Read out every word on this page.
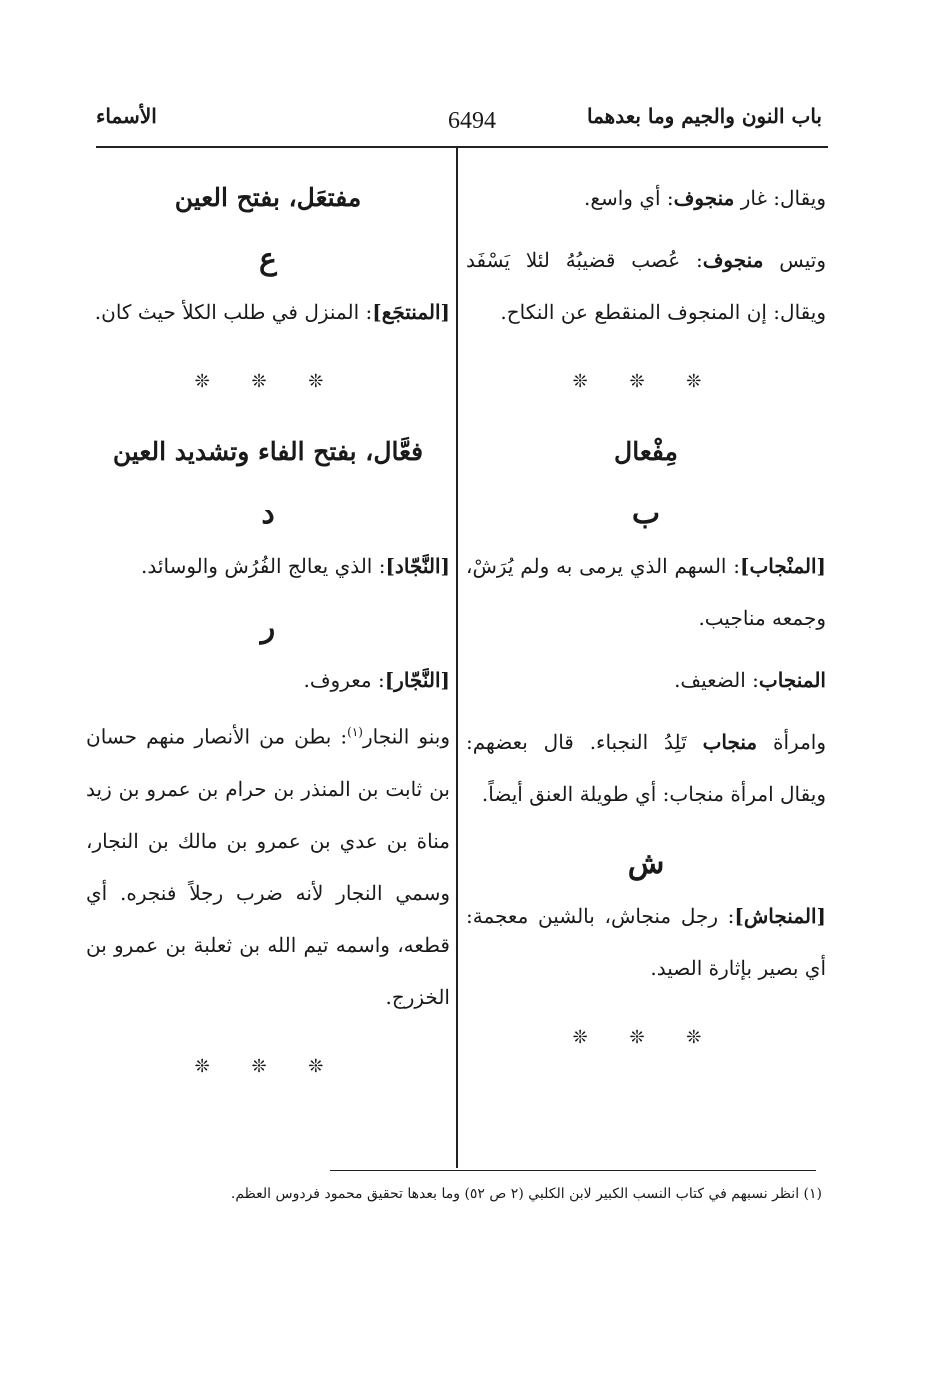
باب النون والجيم وما بعدهما
6494
الأسماء

ويقال: غار منجوف: أي واسع.

وتيس منجوف: عُصب قضيبُهُ لئلا يَسْفَد ويقال: إن المنجوف المنقطع عن النكاح.

❊ ❊ ❊

مِفْعال

ب

[المنْجاب]: السهم الذي يرمى به ولم يُرَشْ، وجمعه مناجيب.

المنجاب: الضعيف.

وامرأة منجاب تَلِدُ النجباء. قال بعضهم: ويقال امرأة منجاب: أي طويلة العنق أيضاً.

ش

[المنجاش]: رجل منجاش، بالشين معجمة: أي بصير بإثارة الصيد.

❊ ❊ ❊

مفتعَل، بفتح العين

ع

[المنتجَع]: المنزل في طلب الكلأ حيث كان.

❊ ❊ ❊

فعَّال، بفتح الفاء وتشديد العين

د

[النَّجّاد]: الذي يعالج الفُرُش والوسائد.

ر

[النَّجّار]: معروف.

وبنو النجار$^{(١)}$: بطن من الأنصار منهم حسان بن ثابت بن المنذر بن حرام بن عمرو بن زيد مناة بن عدي بن عمرو بن مالك بن النجار، وسمي النجار لأنه ضرب رجلاً فنجره. أي قطعه، واسمه تيم الله بن ثعلبة بن عمرو بن الخزرج.

❊ ❊ ❊

(١) انظر نسبهم في كتاب النسب الكبير لابن الكلبي (٢ ص ٥٢) وما بعدها تحقيق محمود فردوس العظم.
